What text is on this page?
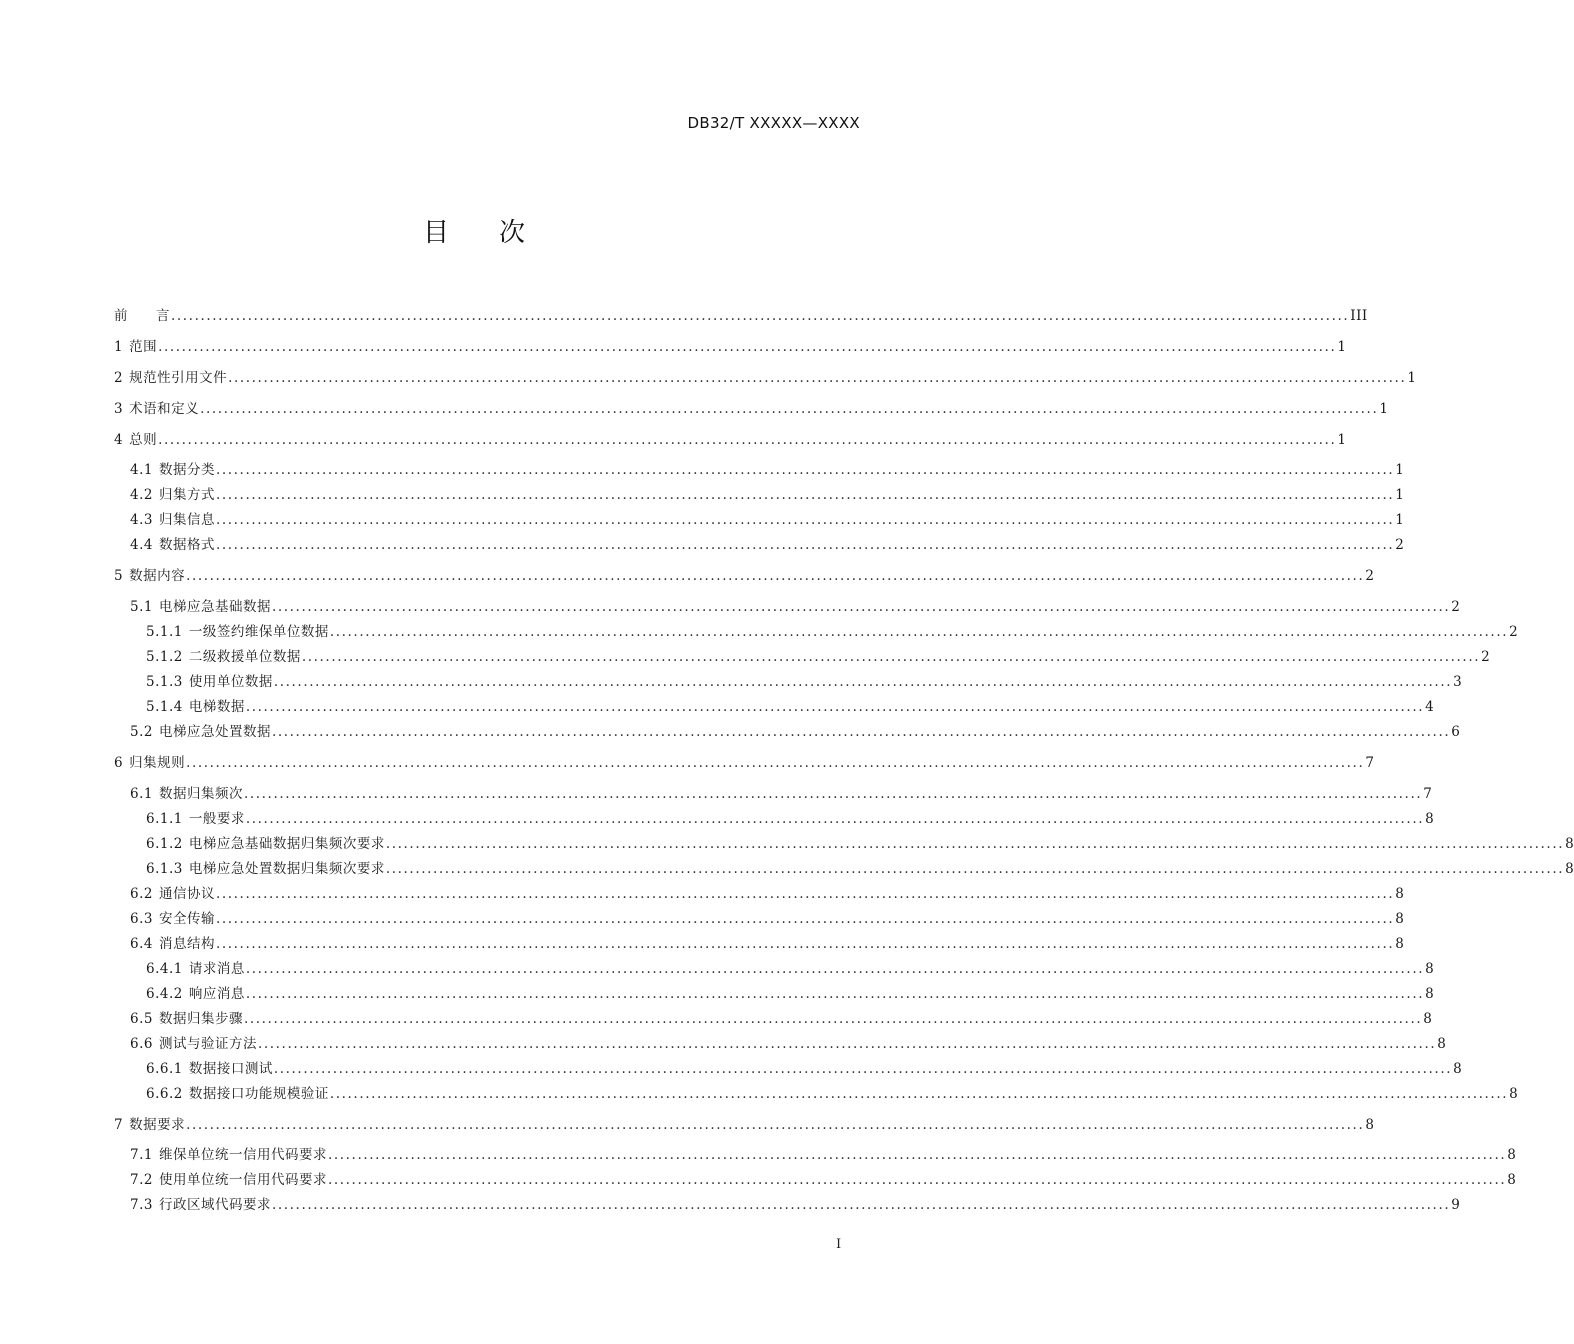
DB32/T XXXXX—XXXX
目 次
前　　言 ........................................................................................................................................................................................................ III
1 范围 ........................................................................................................................................................................................................ 1
2 规范性引用文件 ........................................................................................................................................................................................................ 1
3 术语和定义 ........................................................................................................................................................................................................ 1
4 总则 ........................................................................................................................................................................................................ 1
4.1 数据分类 ........................................................................................................................................................................................................ 1
4.2 归集方式 ........................................................................................................................................................................................................ 1
4.3 归集信息 ........................................................................................................................................................................................................ 1
4.4 数据格式 ........................................................................................................................................................................................................ 2
5 数据内容 ........................................................................................................................................................................................................ 2
5.1 电梯应急基础数据 ........................................................................................................................................................................................................ 2
5.1.1 一级签约维保单位数据 ........................................................................................................................................................................................................ 2
5.1.2 二级救援单位数据 ........................................................................................................................................................................................................ 2
5.1.3 使用单位数据 ........................................................................................................................................................................................................ 3
5.1.4 电梯数据 ........................................................................................................................................................................................................ 4
5.2 电梯应急处置数据 ........................................................................................................................................................................................................ 6
6 归集规则 ........................................................................................................................................................................................................ 7
6.1 数据归集频次 ........................................................................................................................................................................................................ 7
6.1.1 一般要求 ........................................................................................................................................................................................................ 8
6.1.2 电梯应急基础数据归集频次要求 ........................................................................................................................................................................................................ 8
6.1.3 电梯应急处置数据归集频次要求 ........................................................................................................................................................................................................ 8
6.2 通信协议 ........................................................................................................................................................................................................ 8
6.3 安全传输 ........................................................................................................................................................................................................ 8
6.4 消息结构 ........................................................................................................................................................................................................ 8
6.4.1 请求消息 ........................................................................................................................................................................................................ 8
6.4.2 响应消息 ........................................................................................................................................................................................................ 8
6.5 数据归集步骤 ........................................................................................................................................................................................................ 8
6.6 测试与验证方法 ........................................................................................................................................................................................................ 8
6.6.1 数据接口测试 ........................................................................................................................................................................................................ 8
6.6.2 数据接口功能规模验证 ........................................................................................................................................................................................................ 8
7 数据要求 ........................................................................................................................................................................................................ 8
7.1 维保单位统一信用代码要求 ........................................................................................................................................................................................................ 8
7.2 使用单位统一信用代码要求 ........................................................................................................................................................................................................ 8
7.3 行政区域代码要求 ........................................................................................................................................................................................................ 9
I
